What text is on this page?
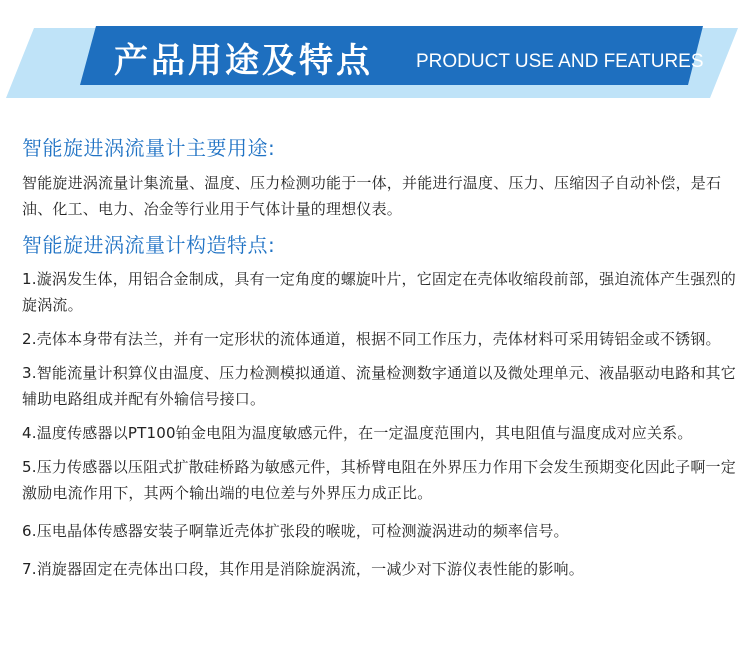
产品用途及特点 PRODUCT USE AND FEATURES
智能旋进涡流量计主要用途:
智能旋进涡流量计集流量、温度、压力检测功能于一体，并能进行温度、压力、压缩因子自动补偿，是石油、化工、电力、冶金等行业用于气体计量的理想仪表。
智能旋进涡流量计构造特点:
1.漩涡发生体，用铝合金制成，具有一定角度的螺旋叶片，它固定在壳体收缩段前部，强迫流体产生强烈的旋涡流。
2.壳体本身带有法兰，并有一定形状的流体通道，根据不同工作压力，壳体材料可采用铸铝金或不锈钢。
3.智能流量计积算仪由温度、压力检测模拟通道、流量检测数字通道以及微处理单元、液晶驱动电路和其它辅助电路组成并配有外输信号接口。
4.温度传感器以PT100铂金电阻为温度敏感元件，在一定温度范围内，其电阻值与温度成对应关系。
5.压力传感器以压阻式扩散硅桥路为敏感元件，其桥臂电阻在外界压力作用下会发生预期变化因此子啊一定激励电流作用下，其两个输出端的电位差与外界压力成正比。
6.压电晶体传感器安装子啊靠近壳体扩张段的喉咙，可检测漩涡进动的频率信号。
7.消旋器固定在壳体出口段，其作用是消除旋涡流，一减少对下游仪表性能的影响。
